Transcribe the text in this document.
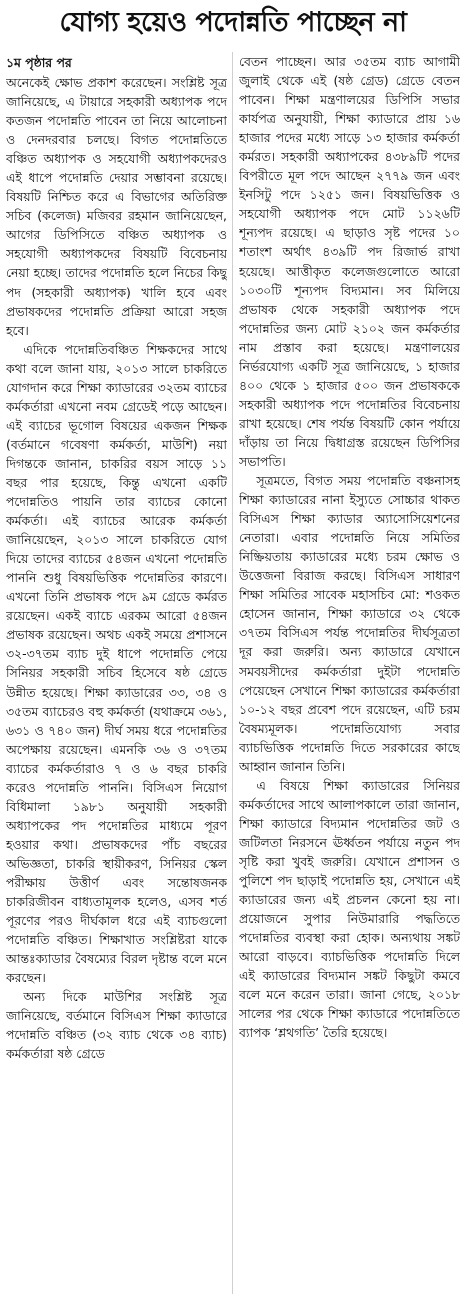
যোগ্য হয়েও পদোন্নতি পাচ্ছেন না
১ম পৃষ্ঠার পর

অনেকেই ক্ষোভ প্রকাশ করেছেন। সংশ্লিষ্ট সূত্র জানিয়েছে, এ টায়ারে সহকারী অধ্যাপক পদে কতজন পদোন্নতি পাবেন তা নিয়ে আলোচনা ও দেনদরবার চলছে। বিগত পদোন্নতিতে বঞ্চিত অধ্যাপক ও সহযোগী অধ্যাপকদেরও এই ধাপে পদোন্নতি দেয়ার সম্ভাবনা রয়েছে। বিষয়টি নিশ্চিত করে এ বিভাগের অতিরিক্ত সচিব (কলেজ) মজিবর রহমান জানিয়েছেন, আগের ডিপিসিতে বঞ্চিত অধ্যাপক ও সহযোগী অধ্যাপকদের বিষয়টি বিবেচনায় নেয়া হচ্ছে। তাদের পদোন্নতি হলে নিচের কিছু পদ (সহকারী অধ্যাপক) খালি হবে এবং প্রভাষকদের পদোন্নতি প্রক্রিয়া আরো সহজ হবে।

এদিকে পদোন্নতিবঞ্চিত শিক্ষকদের সাথে কথা বলে জানা যায়, ২০১৩ সালে চাকরিতে যোগদান করে শিক্ষা ক্যাডারের ৩২তম ব্যাচের কর্মকর্তারা এখনো নবম গ্রেডেই পড়ে আছেন। এই ব্যাচের ভূগোল বিষয়ের একজন শিক্ষক (বর্তমানে গবেষণা কর্মকর্তা, মাউশি) নয়া দিগন্তকে জানান, চাকরির বয়স সাড়ে ১১ বছর পার হয়েছে, কিন্তু এখনো একটি পদোন্নতিও পায়নি তার ব্যাচের কোনো কর্মকর্তা। এই ব্যাচের আরেক কর্মকর্তা জানিয়েছেন, ২০১৩ সালে চাকরিতে যোগ দিয়ে তাদের ব্যাচের ৫৪জন এখনো পদোন্নতি পাননি শুধু বিষয়ভিত্তিক পদোন্নতির কারণে। এখনো তিনি প্রভাষক পদে ৯ম গ্রেডে কর্মরত রয়েছেন। একই ব্যাচে এরকম আরো ৫৪জন প্রভাষক রয়েছেন। অথচ একই সময়ে প্রশাসনে ৩২-৩৭তম ব্যাচ দুই ধাপে পদোন্নতি পেয়ে সিনিয়র সহকারী সচিব হিসেবে ষষ্ঠ গ্রেডে উন্নীত হয়েছে। শিক্ষা ক্যাডারের ৩৩, ৩৪ ও ৩৫তম ব্যাচেরও বহু কর্মকর্তা (যথাক্রমে ৩৬১, ৬৩১ ও ৭৪০ জন) দীর্ঘ সময় ধরে পদোন্নতির অপেক্ষায় রয়েছেন। এমনকি ৩৬ ও ৩৭তম ব্যাচের কর্মকর্তারাও ৭ ও ৬ বছর চাকরি করেও পদোন্নতি পাননি। বিসিএস নিয়োগ বিধিমালা ১৯৮১ অনুযায়ী সহকারী অধ্যাপকের পদ পদোন্নতির মাধ্যমে পূরণ হওয়ার কথা। প্রভাষকদের পাঁচ বছরের অভিজ্ঞতা, চাকরি স্থায়ীকরণ, সিনিয়র স্কেল পরীক্ষায় উত্তীর্ণ এবং সন্তোষজনক চাকরিজীবন বাধ্যতামূলক হলেও, এসব শর্ত পূরণের পরও দীর্ঘকাল ধরে এই ব্যাচগুলো পদোন্নতি বঞ্চিত। শিক্ষাখাত সংশ্লিষ্টরা যাকে আন্তঃক্যাডার বৈষম্যের বিরল দৃষ্টান্ত বলে মনে করছেন।

অন্য দিকে মাউশির সংশ্লিষ্ট সূত্র জানিয়েছে, বর্তমানে বিসিএস শিক্ষা ক্যাডারে পদোন্নতি বঞ্চিত (৩২ ব্যাচ থেকে ৩৪ ব্যাচ) কর্মকর্তারা ষষ্ঠ গ্রেডে

বেতন পাচ্ছেন। আর ৩৫তম ব্যাচ আগামী জুলাই থেকে এই (ষষ্ঠ গ্রেড) গ্রেডে বেতন পাবেন। শিক্ষা মন্ত্রণালয়ের ডিপিসি সভার কার্যপত্র অনুযায়ী, শিক্ষা ক্যাডারে প্রায় ১৬ হাজার পদের মধ্যে সাড়ে ১৩ হাজার কর্মকর্তা কর্মরত। সহকারী অধ্যাপকের ৪৩৮৯টি পদের বিপরীতে মূল পদে আছেন ২৭৭৯ জন এবং ইনসিটু পদে ১২৫১ জন। বিষয়ভিত্তিক ও সহযোগী অধ্যাপক পদে মোট ১১২৬টি শূন্যপদ রয়েছে। এ ছাড়াও সৃষ্ট পদের ১০ শতাংশ অর্থাৎ ৪৩৯টি পদ রিজার্ভ রাখা হয়েছে। আত্তীকৃত কলেজগুলোতে আরো ১০৩০টি শূন্যপদ বিদ্যমান। সব মিলিয়ে প্রভাষক থেকে সহকারী অধ্যাপক পদে পদোন্নতির জন্য মোট ২১০২ জন কর্মকর্তার নাম প্রস্তাব করা হয়েছে। মন্ত্রণালয়ের নির্ভরযোগ্য একটি সূত্র জানিয়েছে, ১ হাজার ৪০০ থেকে ১ হাজার ৫০০ জন প্রভাষককে সহকারী অধ্যাপক পদে পদোন্নতির বিবেচনায় রাখা হয়েছে। শেষ পর্যন্ত বিষয়টি কোন পর্যায়ে দাঁড়ায় তা নিয়ে দ্বিধাগ্রস্ত রয়েছেন ডিপিসির সভাপতি।

সূত্রমতে, বিগত সময় পদোন্নতি বঞ্চনাসহ শিক্ষা ক্যাডারের নানা ইস্যুতে সোচ্চার থাকত বিসিএস শিক্ষা ক্যাডার অ্যাসোসিয়েশনের নেতারা। এবার পদোন্নতি নিয়ে সমিতির নিষ্ক্রিয়তায় ক্যাডারের মধ্যে চরম ক্ষোভ ও উত্তেজনা বিরাজ করছে। বিসিএস সাধারণ শিক্ষা সমিতির সাবেক মহাসচিব মো: শওকত হোসেন জানান, শিক্ষা ক্যাডারে ৩২ থেকে ৩৭তম বিসিএস পর্যন্ত পদোন্নতির দীর্ঘসূত্রতা দূর করা জরুরি। অন্য ক্যাডারে যেখানে সমবয়সীদের কর্মকর্তারা দুইটা পদোন্নতি পেয়েছেন সেখানে শিক্ষা ক্যাডারের কর্মকর্তারা ১০-১২ বছর প্রবেশ পদে রয়েছেন, এটি চরম বৈষম্যমূলক। পদোন্নতিযোগ্য সবার ব্যাচভিত্তিক পদোন্নতি দিতে সরকারের কাছে আহ্বান জানান তিনি।

এ বিষয়ে শিক্ষা ক্যাডারের সিনিয়র কর্মকর্তাদের সাথে আলাপকালে তারা জানান, শিক্ষা ক্যাডারে বিদ্যমান পদোন্নতির জট ও জটিলতা নিরসনে ঊর্ধ্বতন পর্যায়ে নতুন পদ সৃষ্টি করা খুবই জরুরি। যেখানে প্রশাসন ও পুলিশে পদ ছাড়াই পদোন্নতি হয়, সেখানে এই ক্যাডারের জন্য এই প্রচলন কেনো হয় না। প্রয়োজনে সুপার নিউমারারি পদ্ধতিতে পদোন্নতির ব্যবস্থা করা হোক। অন্যথায় সঙ্কট আরো বাড়বে। ব্যাচভিত্তিক পদোন্নতি দিলে এই ক্যাডারের বিদ্যমান সঙ্কট কিছুটা কমবে বলে মনে করেন তারা। জানা গেছে, ২০১৮ সালের পর থেকে শিক্ষা ক্যাডারে পদোন্নতিতে ব্যাপক ‘শ্লথগতি’ তৈরি হয়েছে।
